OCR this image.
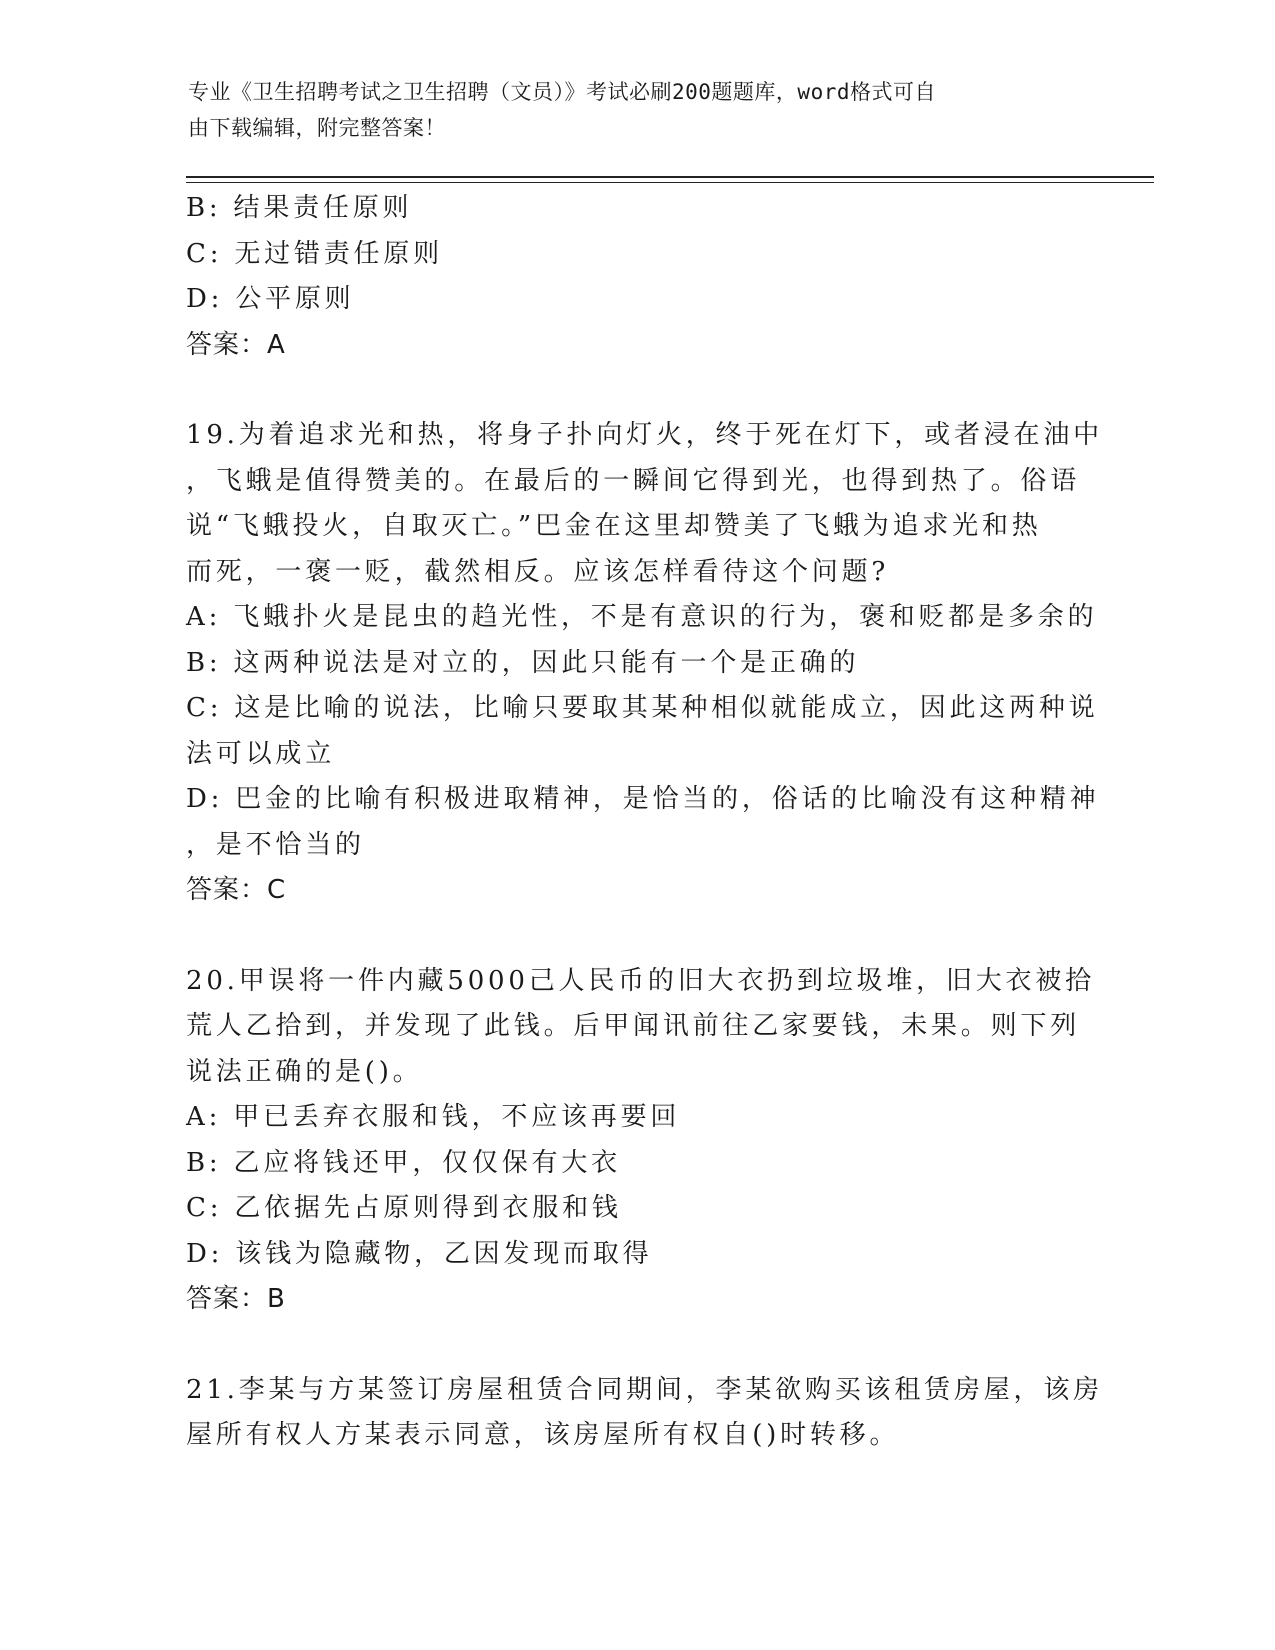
专业《卫生招聘考试之卫生招聘（文员）》考试必刷200题题库，word格式可自
由下载编辑，附完整答案！
B: 结果责任原则
C: 无过错责任原则
D: 公平原则
答案：A
19.为着追求光和热，将身子扑向灯火，终于死在灯下，或者浸在油中
，飞蛾是值得赞美的。在最后的一瞬间它得到光，也得到热了。俗语
说“飞蛾投火，自取灭亡。”巴金在这里却赞美了飞蛾为追求光和热
而死，一褒一贬，截然相反。应该怎样看待这个问题?
A: 飞蛾扑火是昆虫的趋光性，不是有意识的行为，褒和贬都是多余的
B: 这两种说法是对立的，因此只能有一个是正确的
C: 这是比喻的说法，比喻只要取其某种相似就能成立，因此这两种说
法可以成立
D: 巴金的比喻有积极进取精神，是恰当的，俗话的比喻没有这种精神
，是不恰当的
答案：C
20.甲误将一件内藏5000己人民币的旧大衣扔到垃圾堆，旧大衣被拾
荒人乙拾到，并发现了此钱。后甲闻讯前往乙家要钱，未果。则下列
说法正确的是()。
A: 甲已丢弃衣服和钱，不应该再要回
B: 乙应将钱还甲，仅仅保有大衣
C: 乙依据先占原则得到衣服和钱
D: 该钱为隐藏物，乙因发现而取得
答案：B
21.李某与方某签订房屋租赁合同期间，李某欲购买该租赁房屋，该房
屋所有权人方某表示同意，该房屋所有权自()时转移。
